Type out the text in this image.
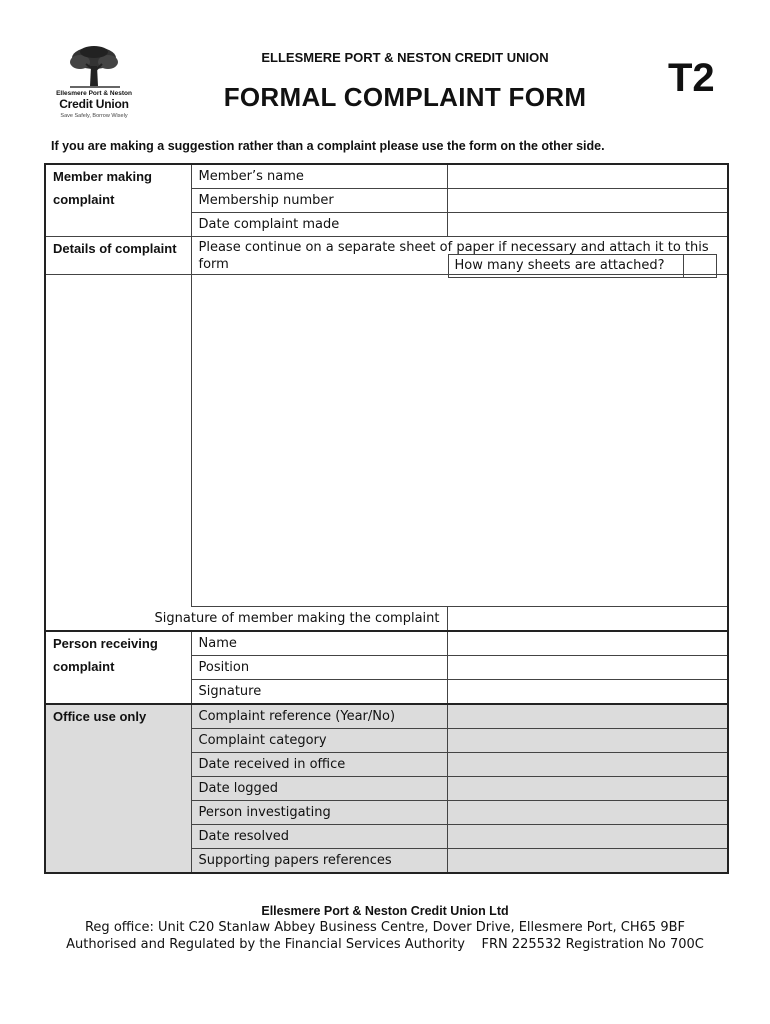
Ellesmere Port & Neston
Credit Union
Save Safely, Borrow Wisely
ELLESMERE PORT & NESTON CREDIT UNION
FORMAL COMPLAINT FORM	T2
If you are making a suggestion rather than a complaint please use the form on the other side.
Member making complaint	Member’s name	
	Membership number	
	Date complaint made	
Details of complaint	Please continue on a separate sheet of paper if necessary and attach it to this form How many sheets are attached?	

Signature of member making the complaint		
Person receiving complaint	Name	
	Position	
	Signature	
Office use only	Complaint reference (Year/No)	
	Complaint category	
	Date received in office	
	Date logged	
	Person investigating	
	Date resolved	
	Supporting papers references	
Ellesmere Port & Neston Credit Union Ltd
Reg office: Unit C20 Stanlaw Abbey Business Centre, Dover Drive, Ellesmere Port, CH65 9BF
Authorised and Regulated by the Financial Services Authority    FRN 225532 Registration No 700C
